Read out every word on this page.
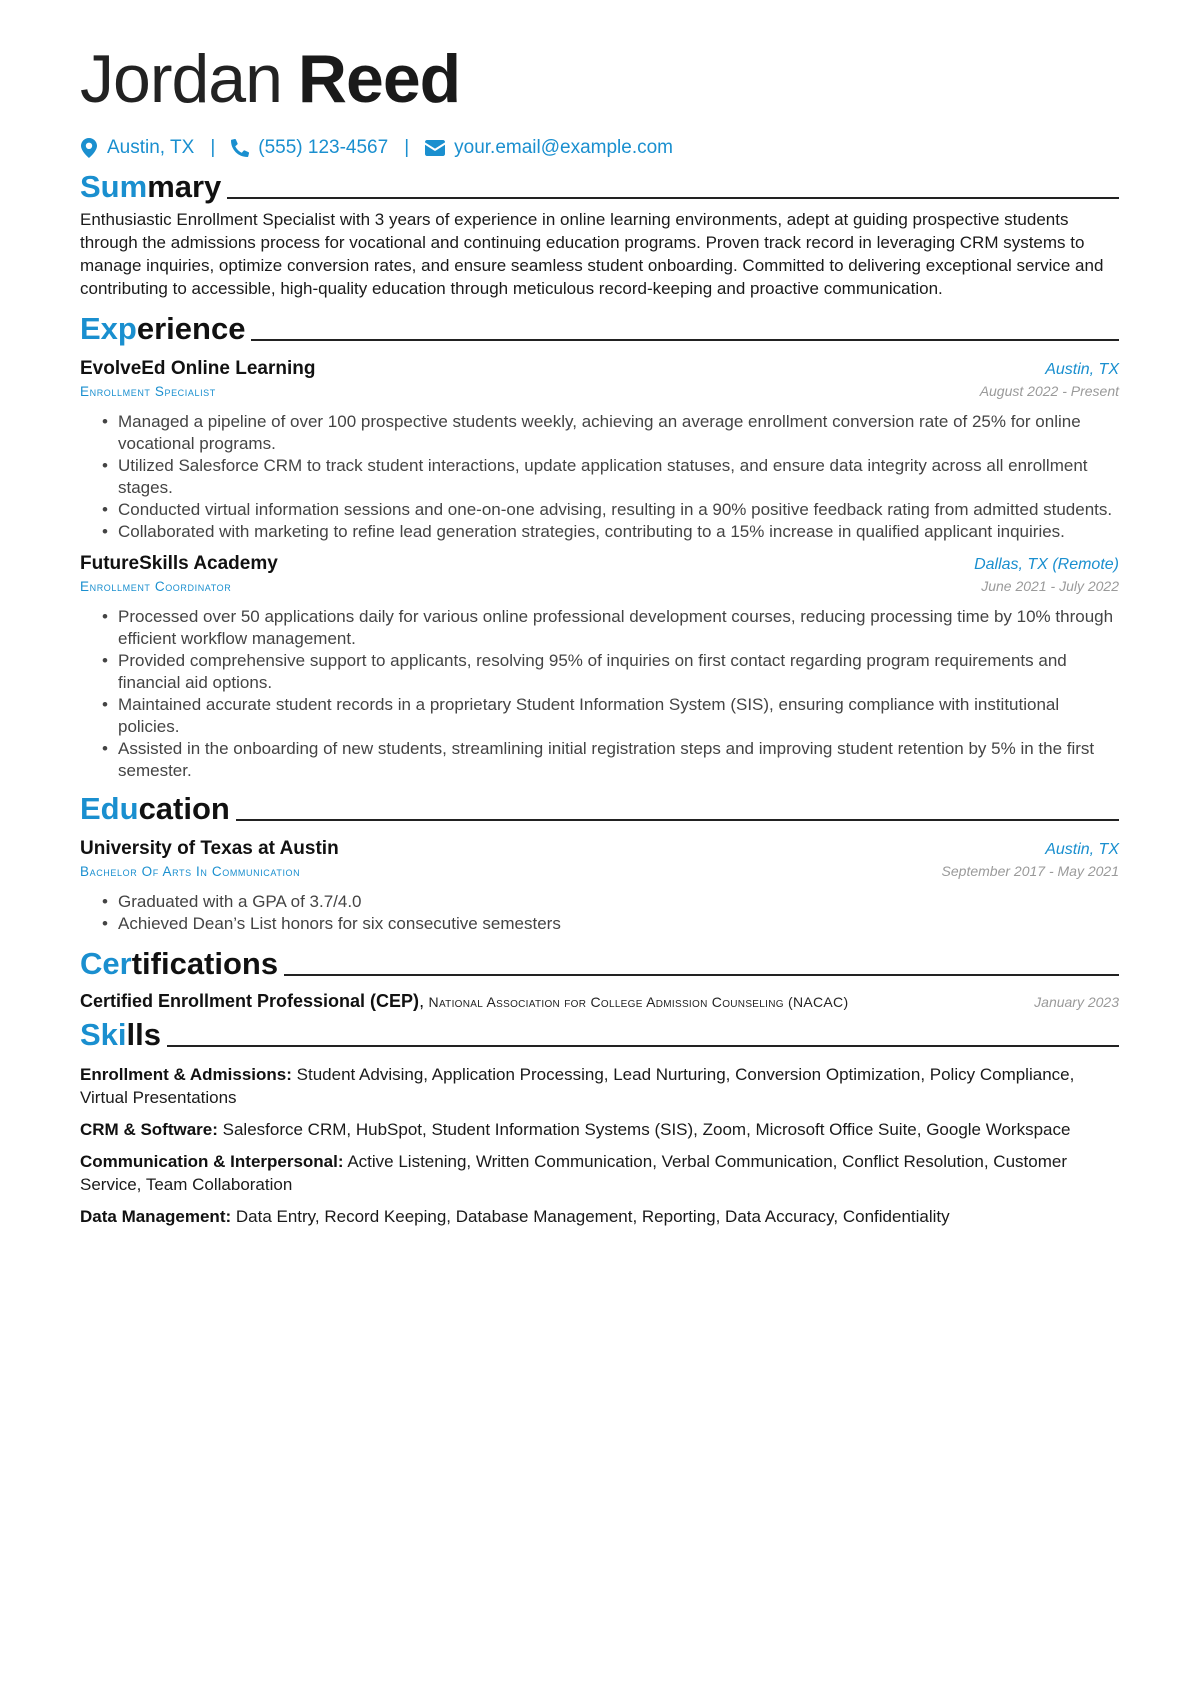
Jordan Reed
Austin, TX | (555) 123-4567 | your.email@example.com
Summary
Enthusiastic Enrollment Specialist with 3 years of experience in online learning environments, adept at guiding prospective students through the admissions process for vocational and continuing education programs. Proven track record in leveraging CRM systems to manage inquiries, optimize conversion rates, and ensure seamless student onboarding. Committed to delivering exceptional service and contributing to accessible, high-quality education through meticulous record-keeping and proactive communication.
Experience
EvolveEd Online Learning	Austin, TX
Enrollment Specialist	August 2022 - Present
• Managed a pipeline of over 100 prospective students weekly, achieving an average enrollment conversion rate of 25% for online vocational programs.
• Utilized Salesforce CRM to track student interactions, update application statuses, and ensure data integrity across all enrollment stages.
• Conducted virtual information sessions and one-on-one advising, resulting in a 90% positive feedback rating from admitted students.
• Collaborated with marketing to refine lead generation strategies, contributing to a 15% increase in qualified applicant inquiries.
FutureSkills Academy	Dallas, TX (Remote)
Enrollment Coordinator	June 2021 - July 2022
• Processed over 50 applications daily for various online professional development courses, reducing processing time by 10% through efficient workflow management.
• Provided comprehensive support to applicants, resolving 95% of inquiries on first contact regarding program requirements and financial aid options.
• Maintained accurate student records in a proprietary Student Information System (SIS), ensuring compliance with institutional policies.
• Assisted in the onboarding of new students, streamlining initial registration steps and improving student retention by 5% in the first semester.
Education
University of Texas at Austin	Austin, TX
Bachelor Of Arts In Communication	September 2017 - May 2021
• Graduated with a GPA of 3.7/4.0
• Achieved Dean’s List honors for six consecutive semesters
Certifications
Certified Enrollment Professional (CEP), National Association for College Admission Counseling (NACAC)	January 2023
Skills
Enrollment & Admissions: Student Advising, Application Processing, Lead Nurturing, Conversion Optimization, Policy Compliance, Virtual Presentations
CRM & Software: Salesforce CRM, HubSpot, Student Information Systems (SIS), Zoom, Microsoft Office Suite, Google Workspace
Communication & Interpersonal: Active Listening, Written Communication, Verbal Communication, Conflict Resolution, Customer Service, Team Collaboration
Data Management: Data Entry, Record Keeping, Database Management, Reporting, Data Accuracy, Confidentiality
